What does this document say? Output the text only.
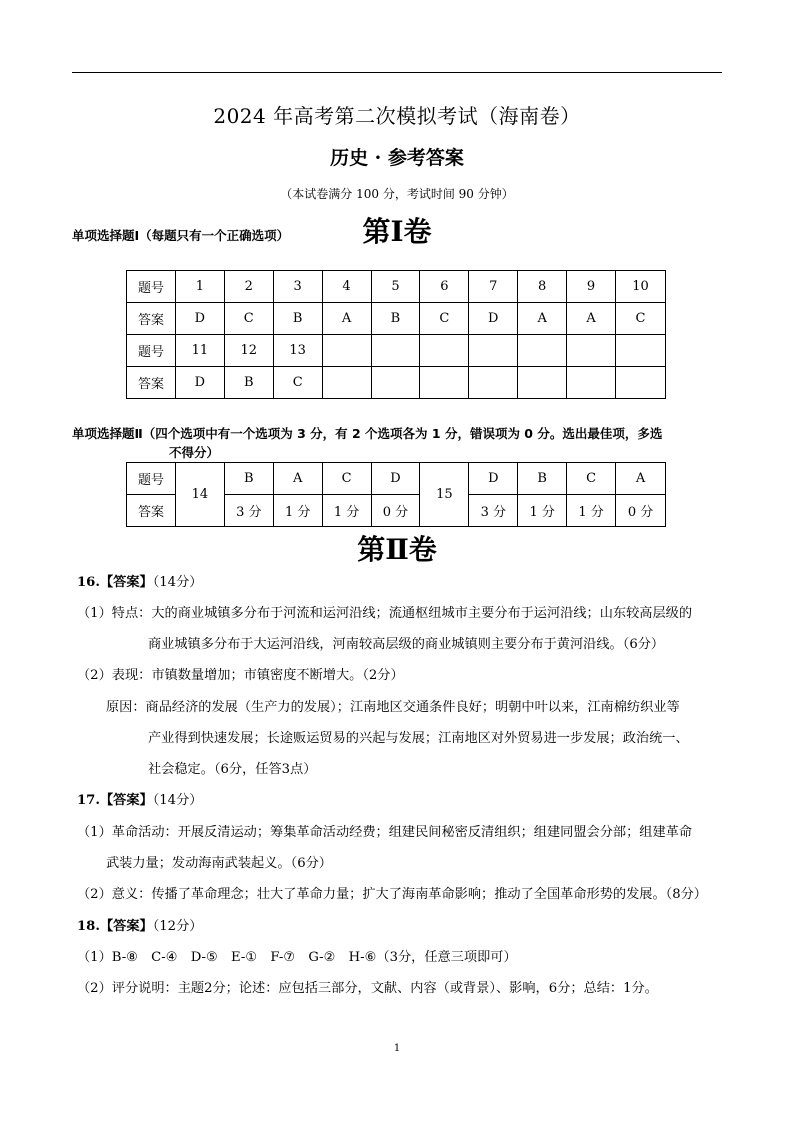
2024 年高考第二次模拟考试（海南卷）
历史 · 参考答案
（本试卷满分 100 分，考试时间 90 分钟）
第Ⅰ卷
单项选择题Ⅰ（每题只有一个正确选项）
题号	1	2	3	4	5	6	7	8	9	10
答案	D	C	B	A	B	C	D	A	A	C
题号	11	12	13							
答案	D	B	C							
单项选择题Ⅱ（四个选项中有一个选项为 3 分，有 2 个选项各为 1 分，错误项为 0 分。选出最佳项，多选
不得分）
题号	14	B	A	C	D	15	D	B	C	A
答案		3 分	1 分	1 分	0 分		3 分	1 分	1 分	0 分
第Ⅱ卷
16.【答案】（14分）
（1）特点：大的商业城镇多分布于河流和运河沿线；流通枢纽城市主要分布于运河沿线；山东较高层级的
商业城镇多分布于大运河沿线，河南较高层级的商业城镇则主要分布于黄河沿线。（6分）
（2）表现：市镇数量增加；市镇密度不断增大。（2分）
原因：商品经济的发展（生产力的发展）；江南地区交通条件良好；明朝中叶以来，江南棉纺织业等
产业得到快速发展；长途贩运贸易的兴起与发展；江南地区对外贸易进一步发展；政治统一、
社会稳定。（6分，任答3点）
17.【答案】（14分）
（1）革命活动：开展反清运动；筹集革命活动经费；组建民间秘密反清组织；组建同盟会分部；组建革命
武装力量；发动海南武装起义。（6分）
（2）意义：传播了革命理念；壮大了革命力量；扩大了海南革命影响；推动了全国革命形势的发展。（8分）
18.【答案】（12分）
（1）B-⑧　C-④　D-⑤　E-①　F-⑦　G-②　H-⑥（3分，任意三项即可）
（2）评分说明：主题2分；论述：应包括三部分，文献、内容（或背景）、影响，6分；总结：1分。
1
